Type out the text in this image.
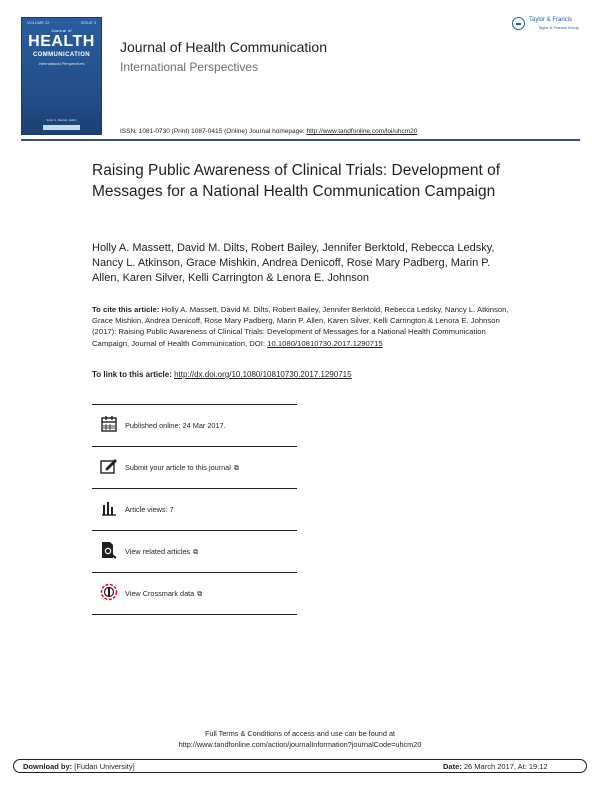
VOLUME 22	ISSUE 3
Journal of
HEALTH
COMMUNICATION
International Perspectives
Scott C. Ratzan, Editor
Journal of Health Communication
International Perspectives
ISSN: 1081-0730 (Print) 1087-0415 (Online) Journal homepage: http://www.tandfonline.com/loi/uhcm20
Taylor & Francis
Taylor & Francis Group
Raising Public Awareness of Clinical Trials: Development of Messages for a National Health Communication Campaign
Holly A. Massett, David M. Dilts, Robert Bailey, Jennifer Berktold, Rebecca Ledsky, Nancy L. Atkinson, Grace Mishkin, Andrea Denicoff, Rose Mary Padberg, Marin P. Allen, Karen Silver, Kelli Carrington & Lenora E. Johnson
To cite this article: Holly A. Massett, David M. Dilts, Robert Bailey, Jennifer Berktold, Rebecca Ledsky, Nancy L. Atkinson, Grace Mishkin, Andrea Denicoff, Rose Mary Padberg, Marin P. Allen, Karen Silver, Kelli Carrington & Lenora E. Johnson (2017): Raising Public Awareness of Clinical Trials: Development of Messages for a National Health Communication Campaign, Journal of Health Communication, DOI: 10.1080/10810730.2017.1290715
To link to this article: http://dx.doi.org/10.1080/10810730.2017.1290715
Published online: 24 Mar 2017.
Submit your article to this journal ⧉
Article views: 7
View related articles ⧉
View Crossmark data ⧉
Full Terms & Conditions of access and use can be found at
http://www.tandfonline.com/action/journalInformation?journalCode=uhcm20
Download by: [Fudan University]	Date: 26 March 2017, At: 19:12
